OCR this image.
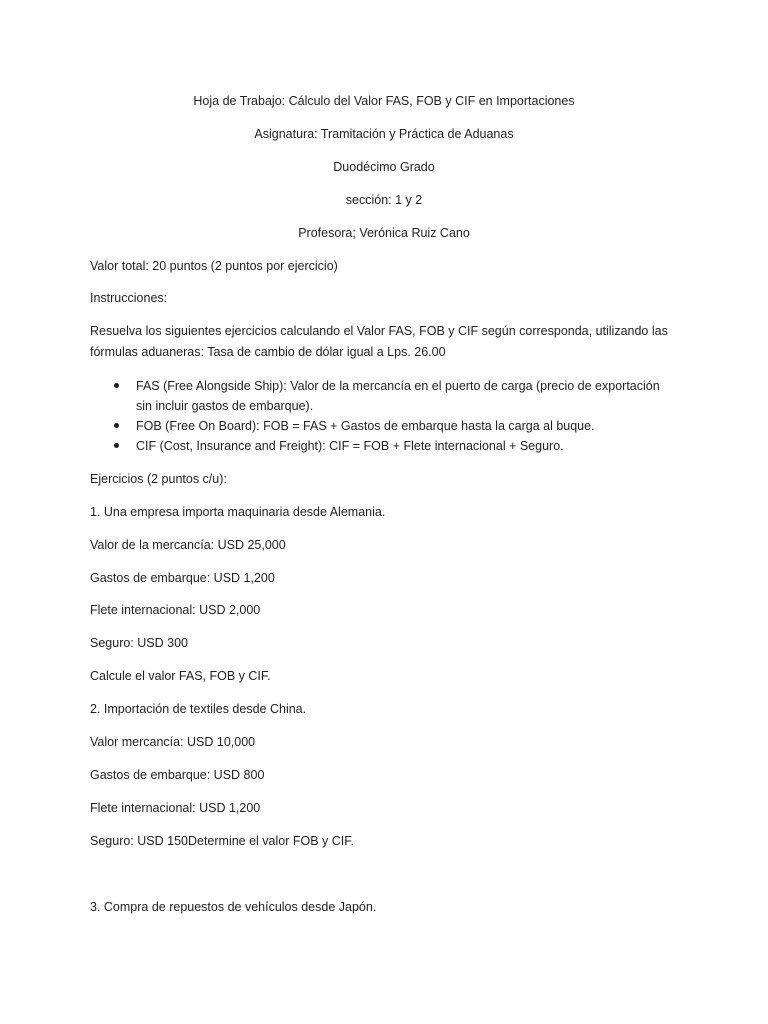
Hoja de Trabajo: Cálculo del Valor FAS, FOB y CIF en Importaciones
Asignatura: Tramitación y Práctica de Aduanas
Duodécimo Grado
sección: 1 y 2
Profesora; Verónica Ruiz Cano
Valor total: 20 puntos (2 puntos por ejercicio)
Instrucciones:
Resuelva los siguientes ejercicios calculando el Valor FAS, FOB y CIF según corresponda, utilizando las fórmulas aduaneras: Tasa de cambio de dólar igual a Lps. 26.00
FAS (Free Alongside Ship): Valor de la mercancía en el puerto de carga (precio de exportación sin incluir gastos de embarque).
FOB (Free On Board): FOB = FAS + Gastos de embarque hasta la carga al buque.
CIF (Cost, Insurance and Freight): CIF = FOB + Flete internacional + Seguro.
Ejercicios (2 puntos c/u):
1. Una empresa importa maquinaria desde Alemania.
Valor de la mercancía: USD 25,000
Gastos de embarque: USD 1,200
Flete internacional: USD 2,000
Seguro: USD 300
Calcule el valor FAS, FOB y CIF.
2. Importación de textiles desde China.
Valor mercancía: USD 10,000
Gastos de embarque: USD 800
Flete internacional: USD 1,200
Seguro: USD 150Determine el valor FOB y CIF.
3. Compra de repuestos de vehículos desde Japón.
